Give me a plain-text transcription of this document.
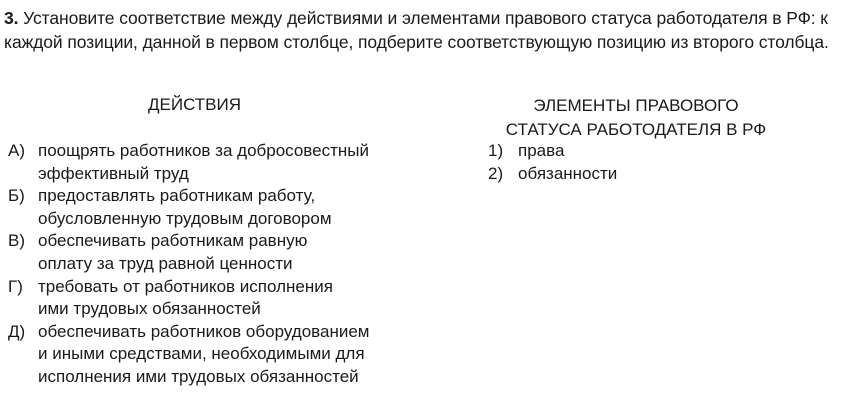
3. Установите соответствие между действиями и элементами правового статуса работодателя в РФ: к каждой позиции, данной в первом столбце, подберите соответствующую позицию из второго столбца.

ДЕЙСТВИЯ	ЭЛЕМЕНТЫ ПРАВОВОГО
СТАТУСА РАБОТОДАТЕЛЯ В РФ
А) поощрять работников за добросовестный
эффективный труд
Б) предоставлять работникам работу,
обусловленную трудовым договором
В) обеспечивать работникам равную
оплату за труд равной ценности
Г) требовать от работников исполнения
ими трудовых обязанностей
Д) обеспечивать работников оборудованием
и иными средствами, необходимыми для
исполнения ими трудовых обязанностей
1) права
2) обязанности
